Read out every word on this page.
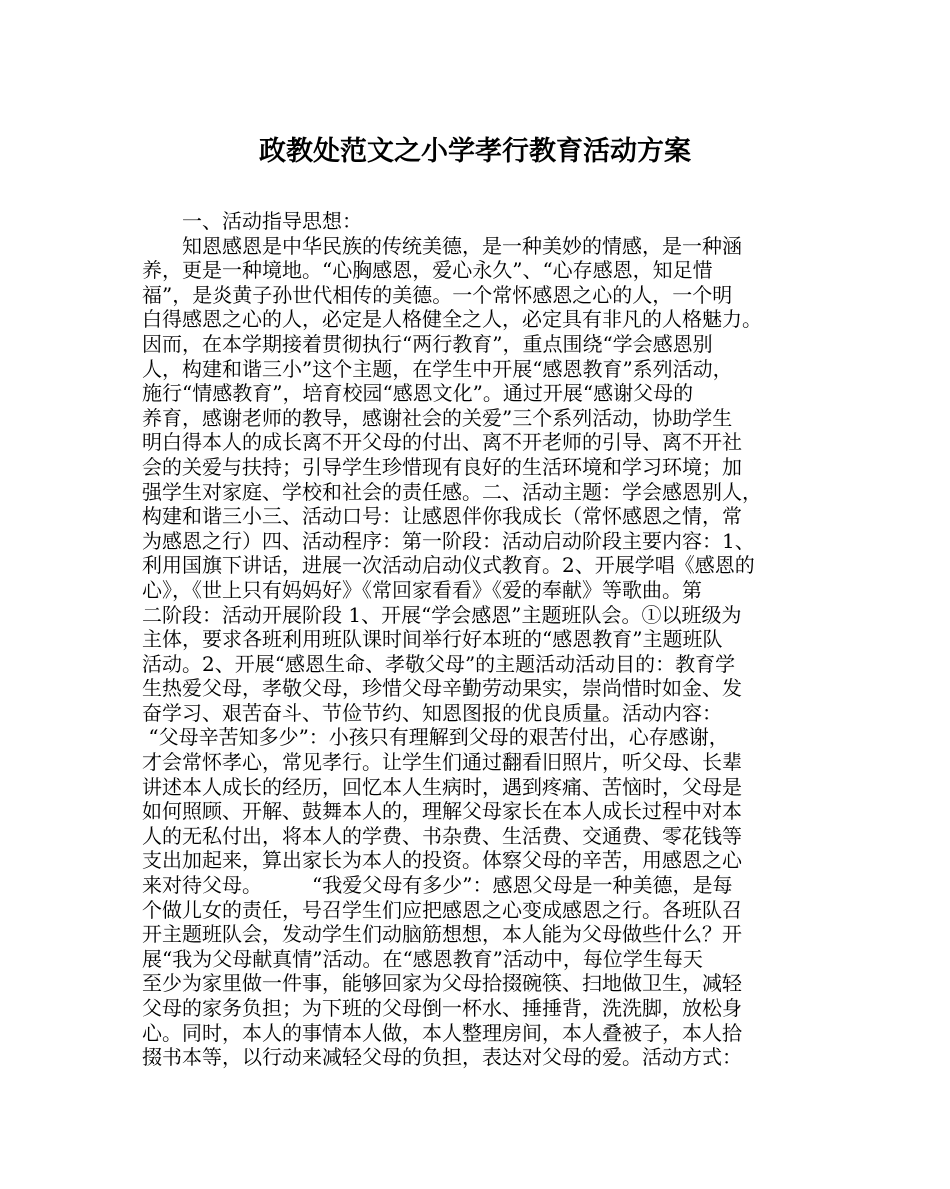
政教处范文之小学孝行教育活动方案
　　一、活动指导思想：
　　知恩感恩是中华民族的传统美德，是一种美妙的情感，是一种涵
养，更是一种境地。“心胸感恩，爱心永久”、“心存感恩，知足惜
福”，是炎黄子孙世代相传的美德。一个常怀感恩之心的人，一个明
白得感恩之心的人，必定是人格健全之人，必定具有非凡的人格魅力。
因而，在本学期接着贯彻执行“两行教育”，重点围绕“学会感恩别
人，构建和谐三小”这个主题，在学生中开展“感恩教育”系列活动，
施行“情感教育”，培育校园“感恩文化”。通过开展“感谢父母的
养育，感谢老师的教导，感谢社会的关爱”三个系列活动，协助学生
明白得本人的成长离不开父母的付出、离不开老师的引导、离不开社
会的关爱与扶持；引导学生珍惜现有良好的生活环境和学习环境；加
强学生对家庭、学校和社会的责任感。二、活动主题：学会感恩别人，
构建和谐三小三、活动口号：让感恩伴你我成长（常怀感恩之情，常
为感恩之行）四、活动程序：第一阶段：活动启动阶段主要内容：1、
利用国旗下讲话，进展一次活动启动仪式教育。2、开展学唱《感恩的
心》，《世上只有妈妈好》《常回家看看》《爱的奉献》等歌曲。第
二阶段：活动开展阶段 1、开展“学会感恩”主题班队会。①以班级为
主体，要求各班利用班队课时间举行好本班的“感恩教育”主题班队
活动。2、开展“感恩生命、孝敬父母”的主题活动活动目的：教育学
生热爱父母，孝敬父母，珍惜父母辛勤劳动果实，崇尚惜时如金、发
奋学习、艰苦奋斗、节俭节约、知恩图报的优良质量。活动内容：
“父母辛苦知多少”：小孩只有理解到父母的艰苦付出，心存感谢，
才会常怀孝心，常见孝行。让学生们通过翻看旧照片，听父母、长辈
讲述本人成长的经历，回忆本人生病时，遇到疼痛、苦恼时，父母是
如何照顾、开解、鼓舞本人的，理解父母家长在本人成长过程中对本
人的无私付出，将本人的学费、书杂费、生活费、交通费、零花钱等
支出加起来，算出家长为本人的投资。体察父母的辛苦，用感恩之心
来对待父母。　　　“我爱父母有多少”：感恩父母是一种美德，是每
个做儿女的责任，号召学生们应把感恩之心变成感恩之行。各班队召
开主题班队会，发动学生们动脑筋想想，本人能为父母做些什么？开
展“我为父母献真情”活动。在“感恩教育”活动中，每位学生每天
至少为家里做一件事，能够回家为父母拾掇碗筷、扫地做卫生，减轻
父母的家务负担；为下班的父母倒一杯水、捶捶背，洗洗脚，放松身
心。同时，本人的事情本人做，本人整理房间，本人叠被子，本人拾
掇书本等，以行动来减轻父母的负担，表达对父母的爱。活动方式：
